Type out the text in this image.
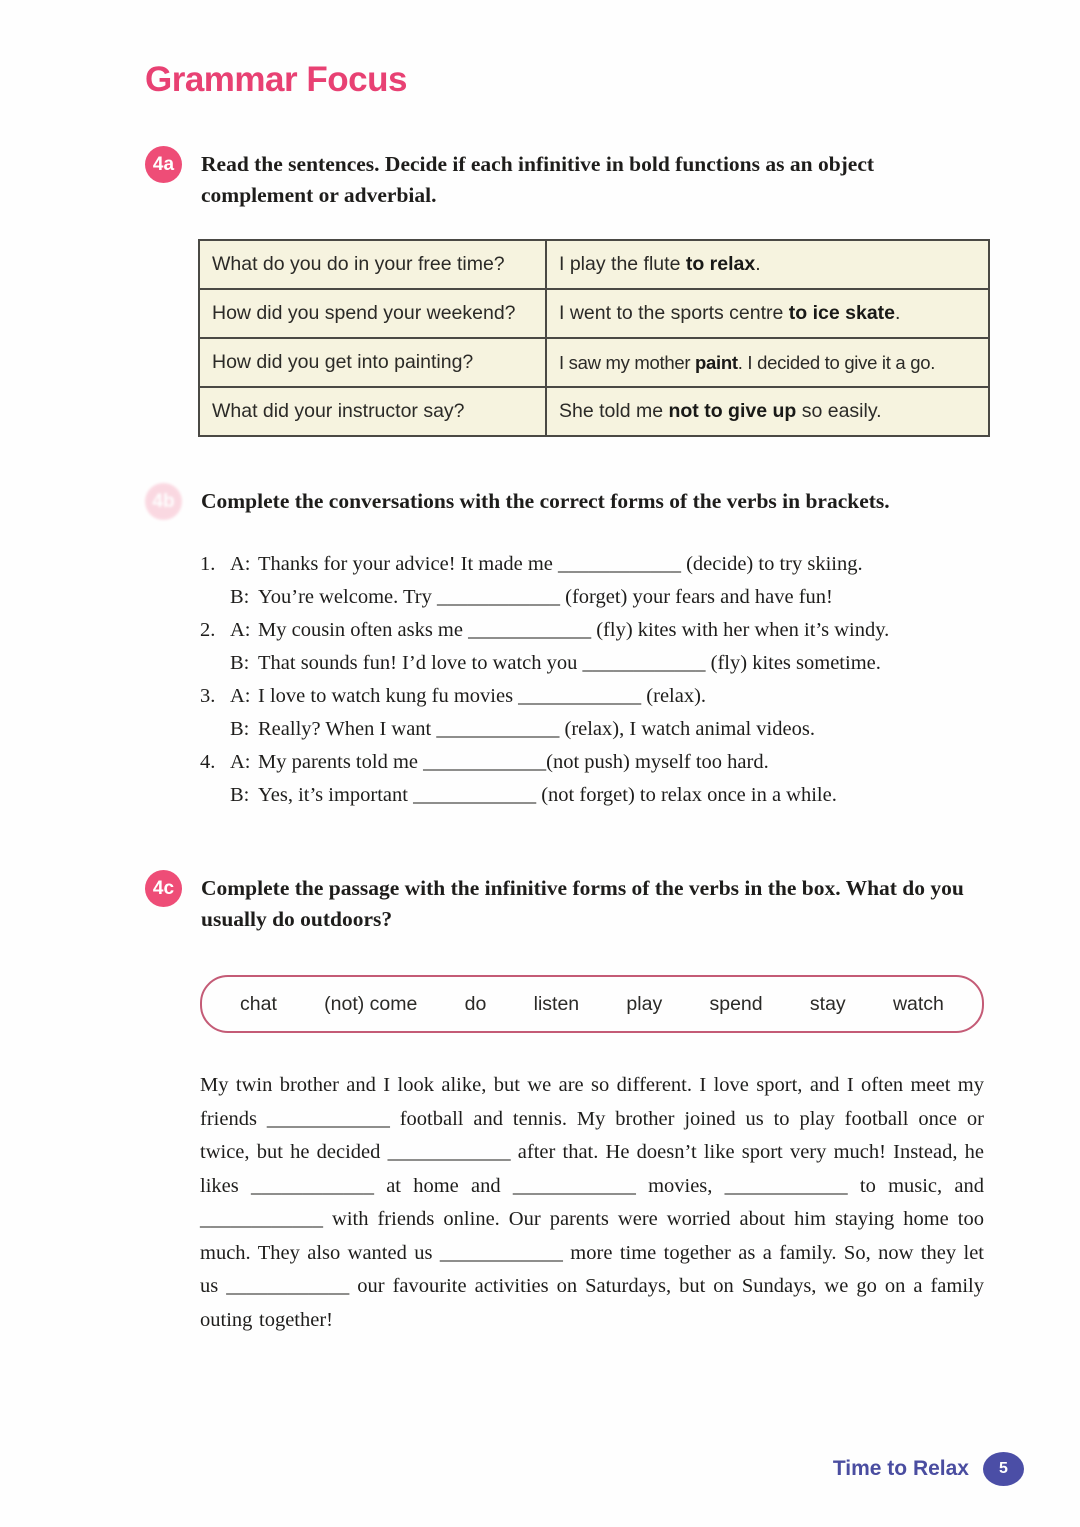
Grammar Focus
4a	Read the sentences. Decide if each infinitive in bold functions as an object complement or adverbial.

What do you do in your free time?	I play the flute to relax.
How did you spend your weekend?	I went to the sports centre to ice skate.
How did you get into painting?	I saw my mother paint. I decided to give it a go.
What did your instructor say?	She told me not to give up so easily.
4b	Complete the conversations with the correct forms of the verbs in brackets.

1. A: Thanks for your advice! It made me ____________ (decide) to try skiing.
B: You’re welcome. Try ____________ (forget) your fears and have fun!
2. A: My cousin often asks me ____________ (fly) kites with her when it’s windy.
B: That sounds fun! I’d love to watch you ____________ (fly) kites sometime.
3. A: I love to watch kung fu movies ____________ (relax).
B: Really? When I want ____________ (relax), I watch animal videos.
4. A: My parents told me ____________(not push) myself too hard.
B: Yes, it’s important ____________ (not forget) to relax once in a while.
4c	Complete the passage with the infinitive forms of the verbs in the box. What do you usually do outdoors?

chat (not) come do listen play spend stay watch

My twin brother and I look alike, but we are so different. I love sport, and I often meet my friends ____________ football and tennis. My brother joined us to play football once or twice, but he decided ____________ after that. He doesn’t like sport very much! Instead, he likes ____________ at home and ____________ movies, ____________ to music, and ____________ with friends online. Our parents were worried about him staying home too much. They also wanted us ____________ more time together as a family. So, now they let us ____________ our favourite activities on Saturdays, but on Sundays, we go on a family outing together!

Time to Relax	5
